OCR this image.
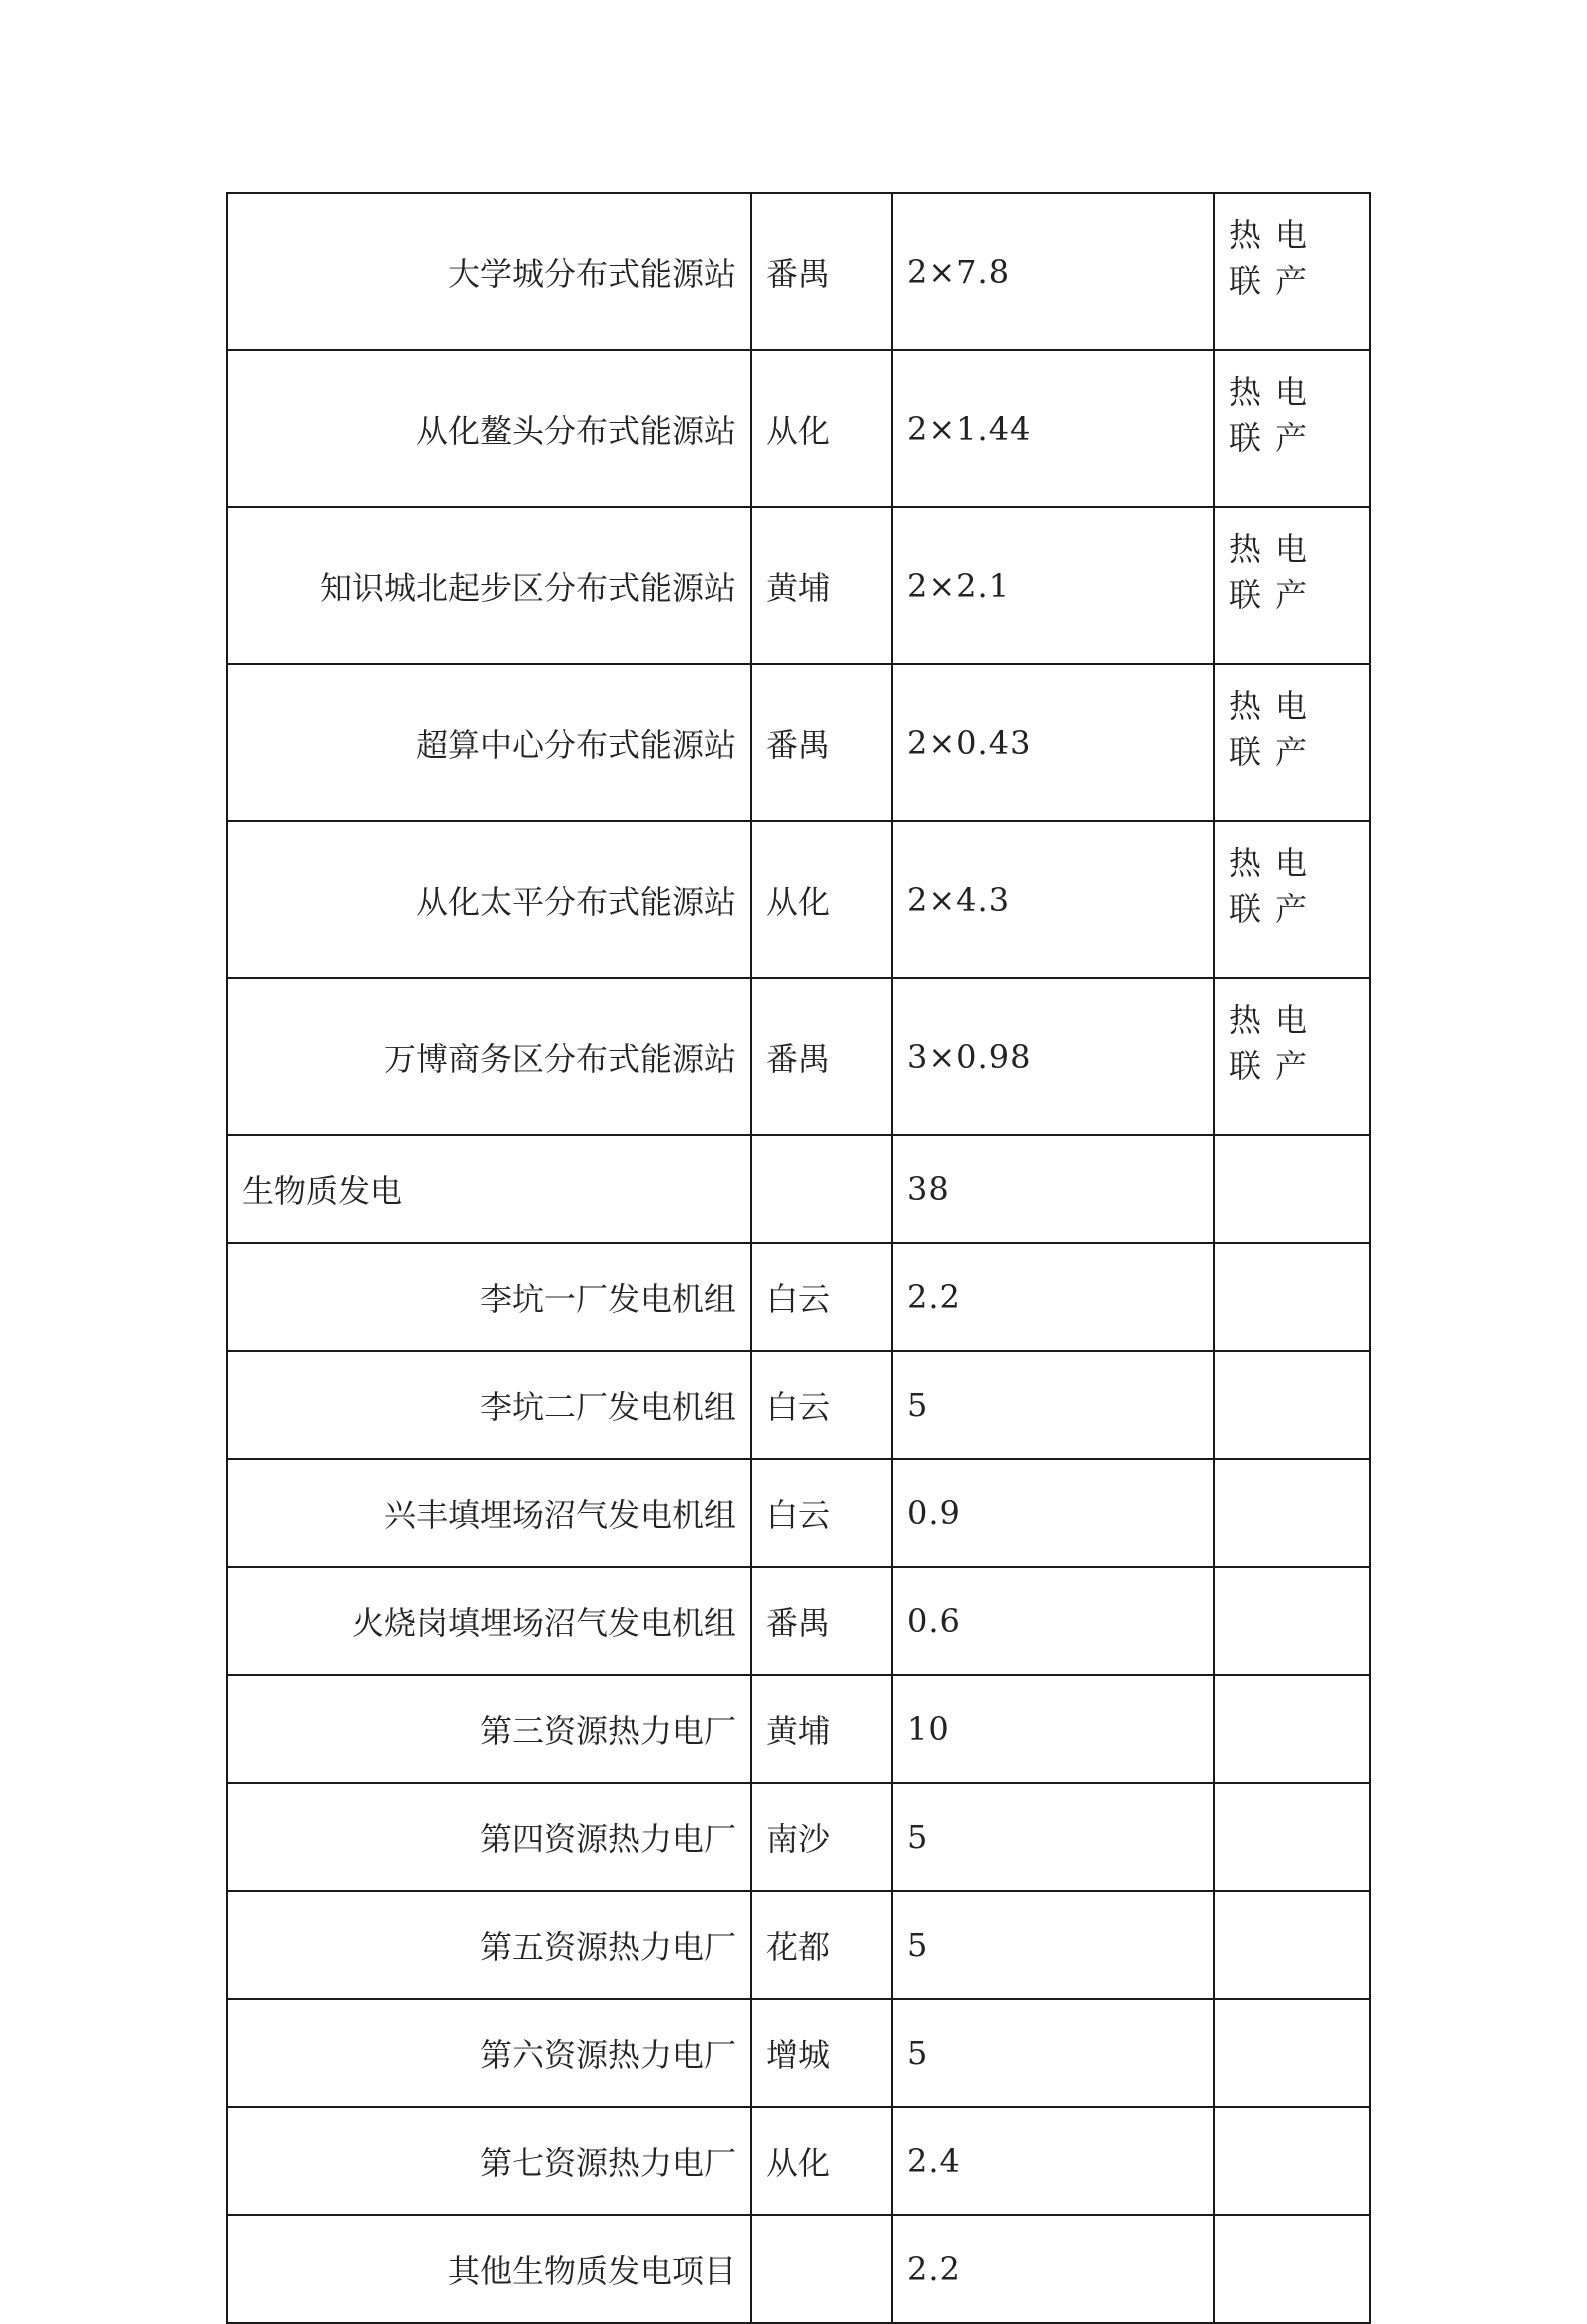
大学城分布式能源站	番禺	2×7.8	热电联产
从化鳌头分布式能源站	从化	2×1.44	热电联产
知识城北起步区分布式能源站	黄埔	2×2.1	热电联产
超算中心分布式能源站	番禺	2×0.43	热电联产
从化太平分布式能源站	从化	2×4.3	热电联产
万博商务区分布式能源站	番禺	3×0.98	热电联产
生物质发电		38	
李坑一厂发电机组	白云	2.2	
李坑二厂发电机组	白云	5	
兴丰填埋场沼气发电机组	白云	0.9	
火烧岗填埋场沼气发电机组	番禺	0.6	
第三资源热力电厂	黄埔	10	
第四资源热力电厂	南沙	5	
第五资源热力电厂	花都	5	
第六资源热力电厂	增城	5	
第七资源热力电厂	从化	2.4	
其他生物质发电项目		2.2	
